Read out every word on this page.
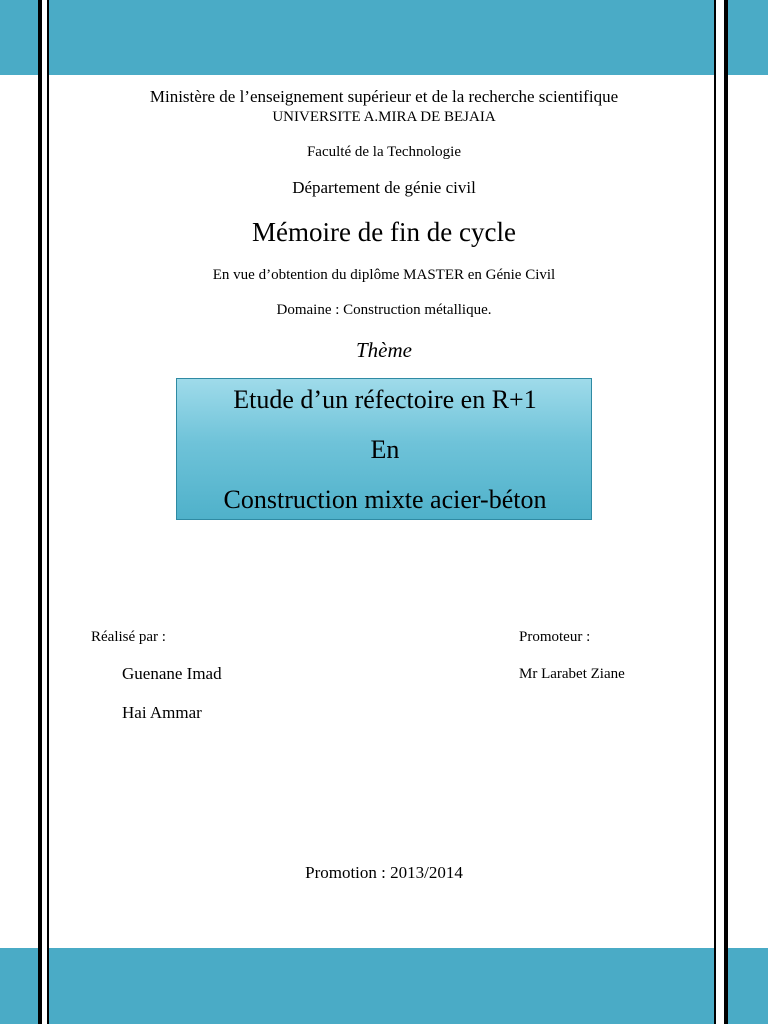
Ministère de l’enseignement supérieur et de la recherche scientifique
UNIVERSITE A.MIRA DE BEJAIA
Faculté de la Technologie
Département de génie civil
Mémoire de fin de cycle
En vue d’obtention du diplôme MASTER en Génie Civil
Domaine : Construction métallique.
Thème
Etude d’un réfectoire en R+1
En
Construction mixte acier-béton
Réalisé par :	Promoteur :
Guenane Imad
Hai Ammar
Mr Larabet Ziane
Promotion : 2013/2014
